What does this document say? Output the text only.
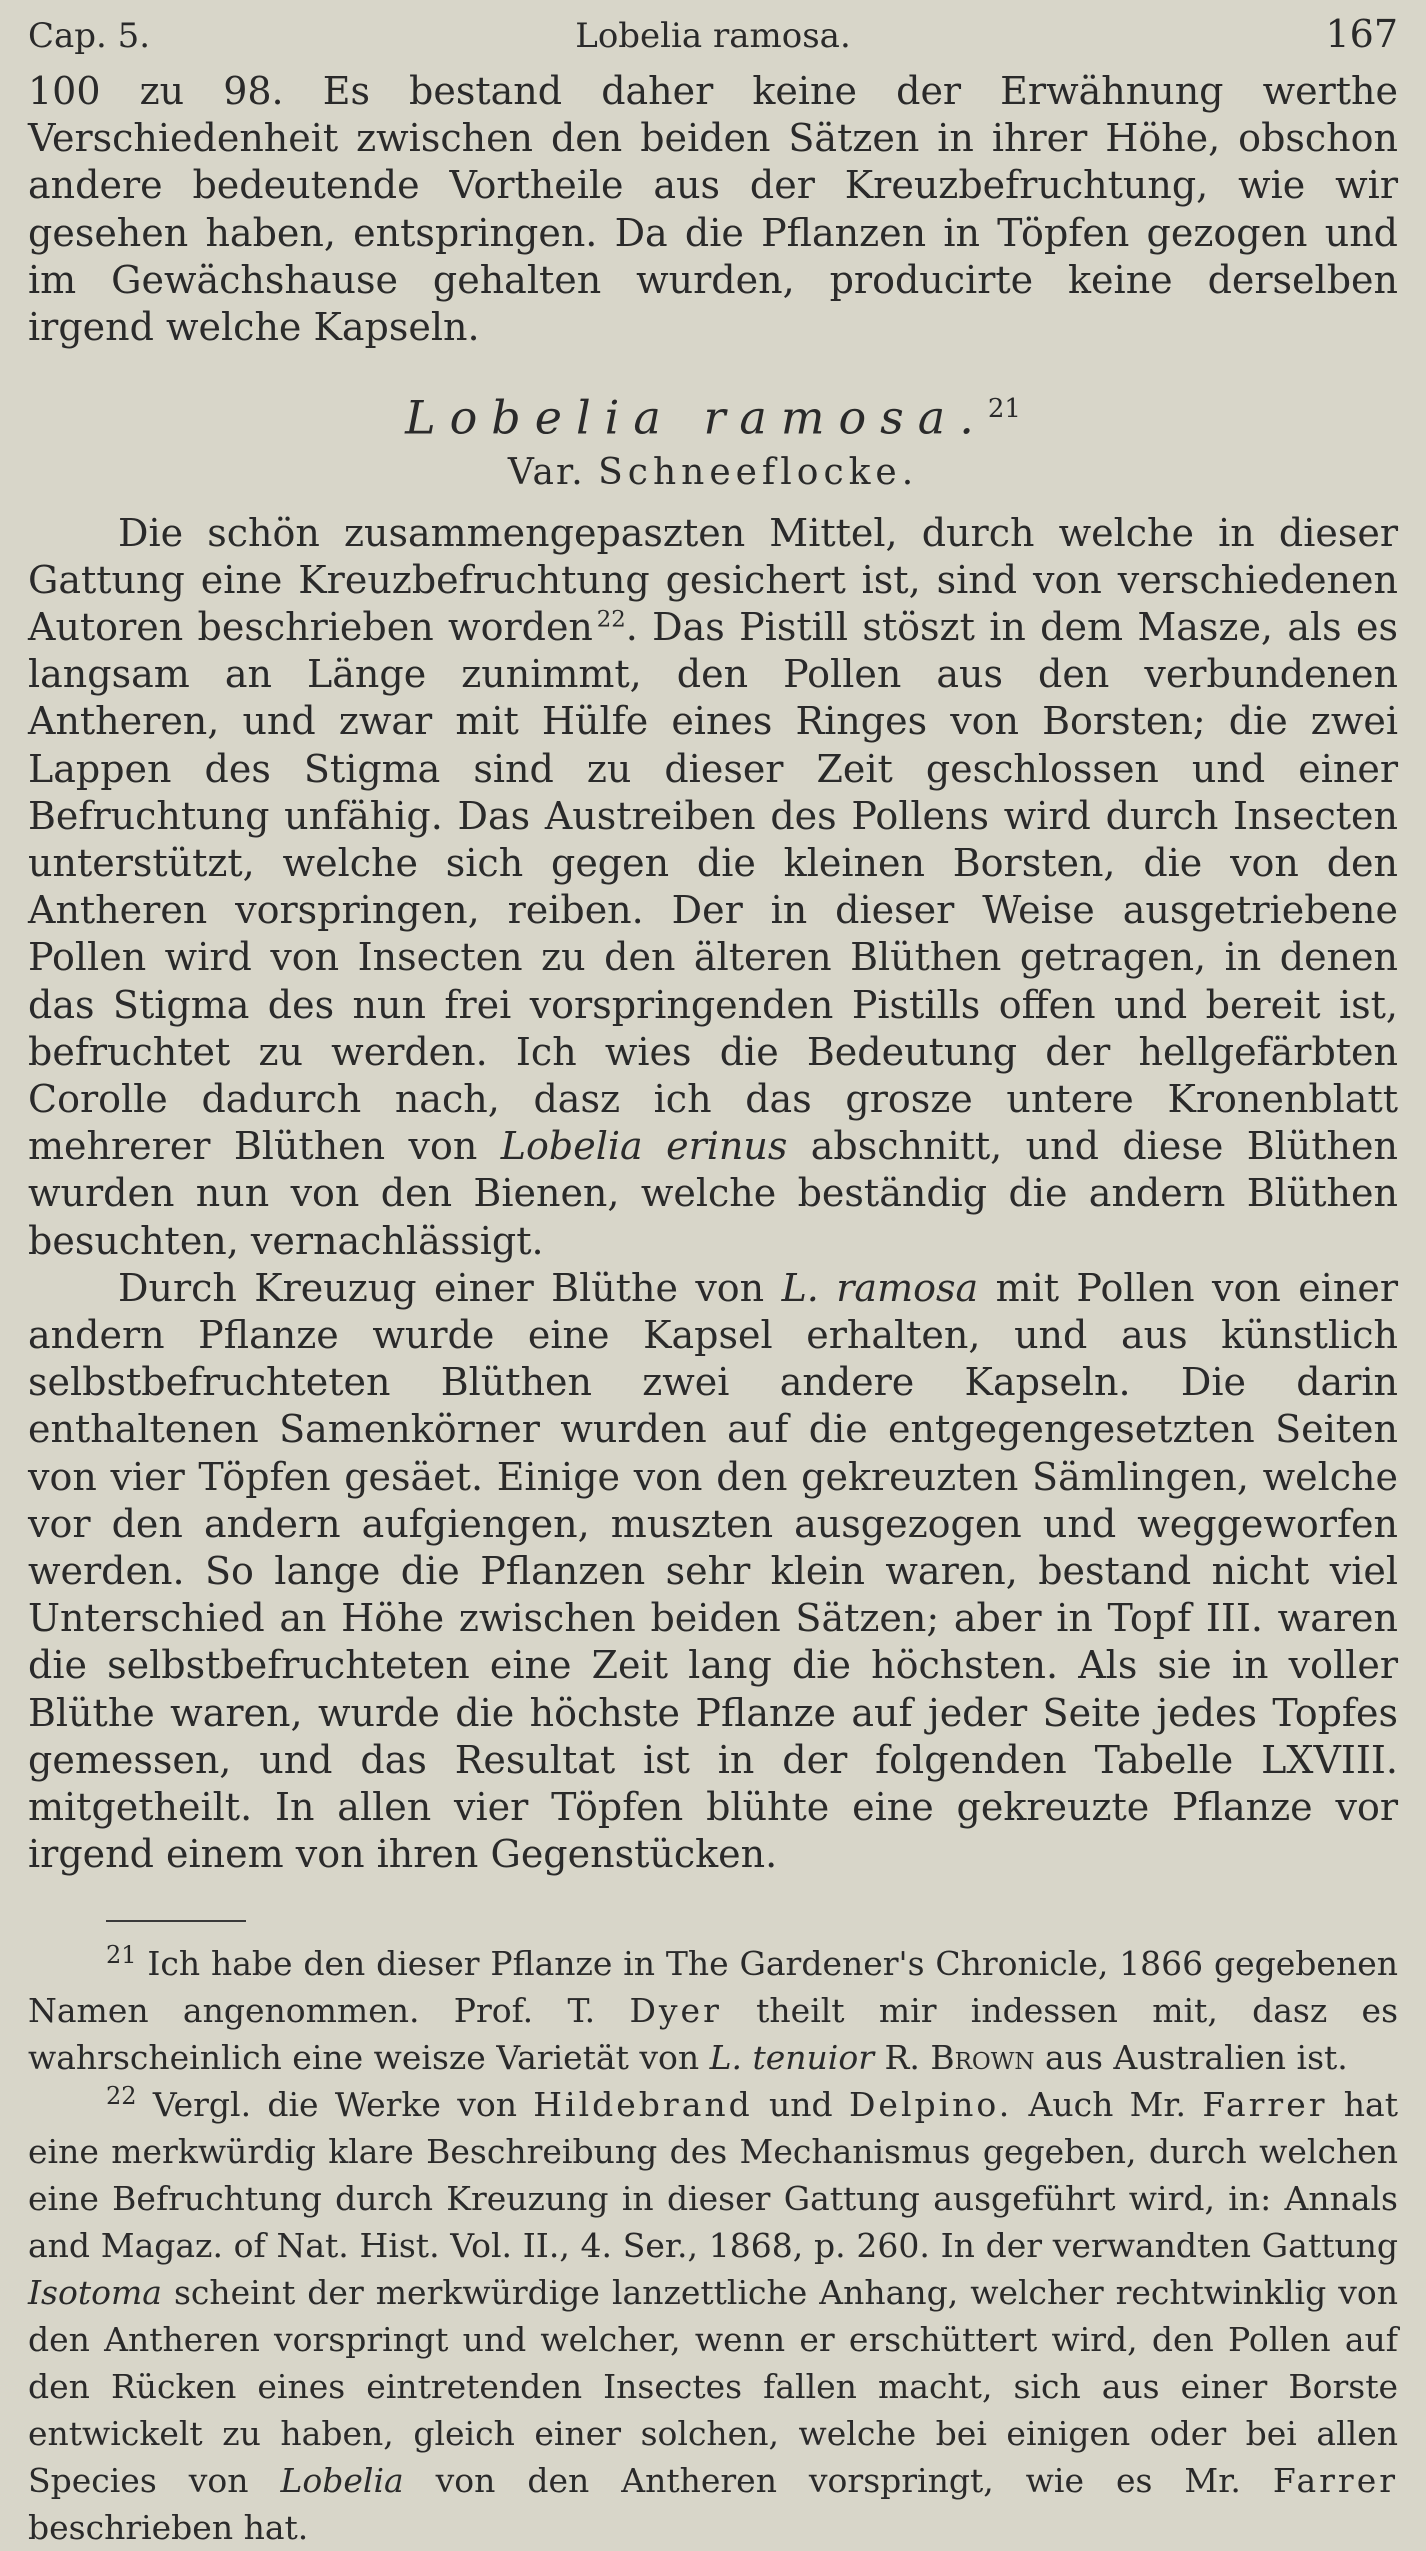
Cap. 5.	Lobelia ramosa.	167

100 zu 98. Es bestand daher keine der Erwähnung werthe Verschiedenheit zwischen den beiden Sätzen in ihrer Höhe, obschon andere bedeutende Vortheile aus der Kreuzbefruchtung, wie wir gesehen haben, entspringen. Da die Pflanzen in Töpfen gezogen und im Gewächshause gehalten wurden, producirte keine derselben irgend welche Kapseln.

Lobelia ramosa.$^{21}$
Var. Schneeflocke.

Die schön zusammengepaszten Mittel, durch welche in dieser Gattung eine Kreuzbefruchtung gesichert ist, sind von verschiedenen Autoren beschrieben worden  $^{22}$. Das Pistill stöszt in dem Masze, als es langsam an Länge zunimmt, den Pollen aus den verbundenen Antheren, und zwar mit Hülfe eines Ringes von Borsten; die zwei Lappen des Stigma sind zu dieser Zeit geschlossen und einer Befruchtung unfähig. Das Austreiben des Pollens wird durch Insecten unterstützt, welche sich gegen die kleinen Borsten, die von den Antheren vorspringen, reiben. Der in dieser Weise ausgetriebene Pollen wird von Insecten zu den älteren Blüthen getragen, in denen das Stigma des nun frei vorspringenden Pistills offen und bereit ist, befruchtet zu werden. Ich wies die Bedeutung der hellgefärbten Corolle dadurch nach, dasz ich das grosze untere Kronenblatt mehrerer Blüthen von Lobelia erinus abschnitt, und diese Blüthen wurden nun von den Bienen, welche beständig die andern Blüthen besuchten, vernachlässigt.

Durch Kreuzug einer Blüthe von L. ramosa mit Pollen von einer andern Pflanze wurde eine Kapsel erhalten, und aus künstlich selbstbefruchteten Blüthen zwei andere Kapseln. Die darin enthaltenen Samenkörner wurden auf die entgegengesetzten Seiten von vier Töpfen gesäet. Einige von den gekreuzten Sämlingen, welche vor den andern aufgiengen, muszten ausgezogen und weggeworfen werden. So lange die Pflanzen sehr klein waren, bestand nicht viel Unterschied an Höhe zwischen beiden Sätzen; aber in Topf III. waren die selbstbefruchteten eine Zeit lang die höchsten. Als sie in voller Blüthe waren, wurde die höchste Pflanze auf jeder Seite jedes Topfes gemessen, und das Resultat ist in der folgenden Tabelle LXVIII. mitgetheilt. In allen vier Töpfen blühte eine gekreuzte Pflanze vor irgend einem von ihren Gegenstücken.

$^{21}$ Ich habe den dieser Pflanze in The Gardener's Chronicle, 1866 gegebenen Namen angenommen. Prof. T. Dyer theilt mir indessen mit, dasz es wahrscheinlich eine weisze Varietät von L. tenuior R. Brown aus Australien ist.

$^{22}$ Vergl. die Werke von Hildebrand und Delpino. Auch Mr. Farrer hat eine merkwürdig klare Beschreibung des Mechanismus gegeben, durch welchen eine Befruchtung durch Kreuzung in dieser Gattung ausgeführt wird, in: Annals and Magaz. of Nat. Hist. Vol. II., 4. Ser., 1868, p. 260. In der verwandten Gattung Isotoma scheint der merkwürdige lanzettliche Anhang, welcher rechtwinklig von den Antheren vorspringt und welcher, wenn er erschüttert wird, den Pollen auf den Rücken eines eintretenden Insectes fallen macht, sich aus einer Borste entwickelt zu haben, gleich einer solchen, welche bei einigen oder bei allen Species von Lobelia von den Antheren vorspringt, wie es Mr. Farrer beschrieben hat.
